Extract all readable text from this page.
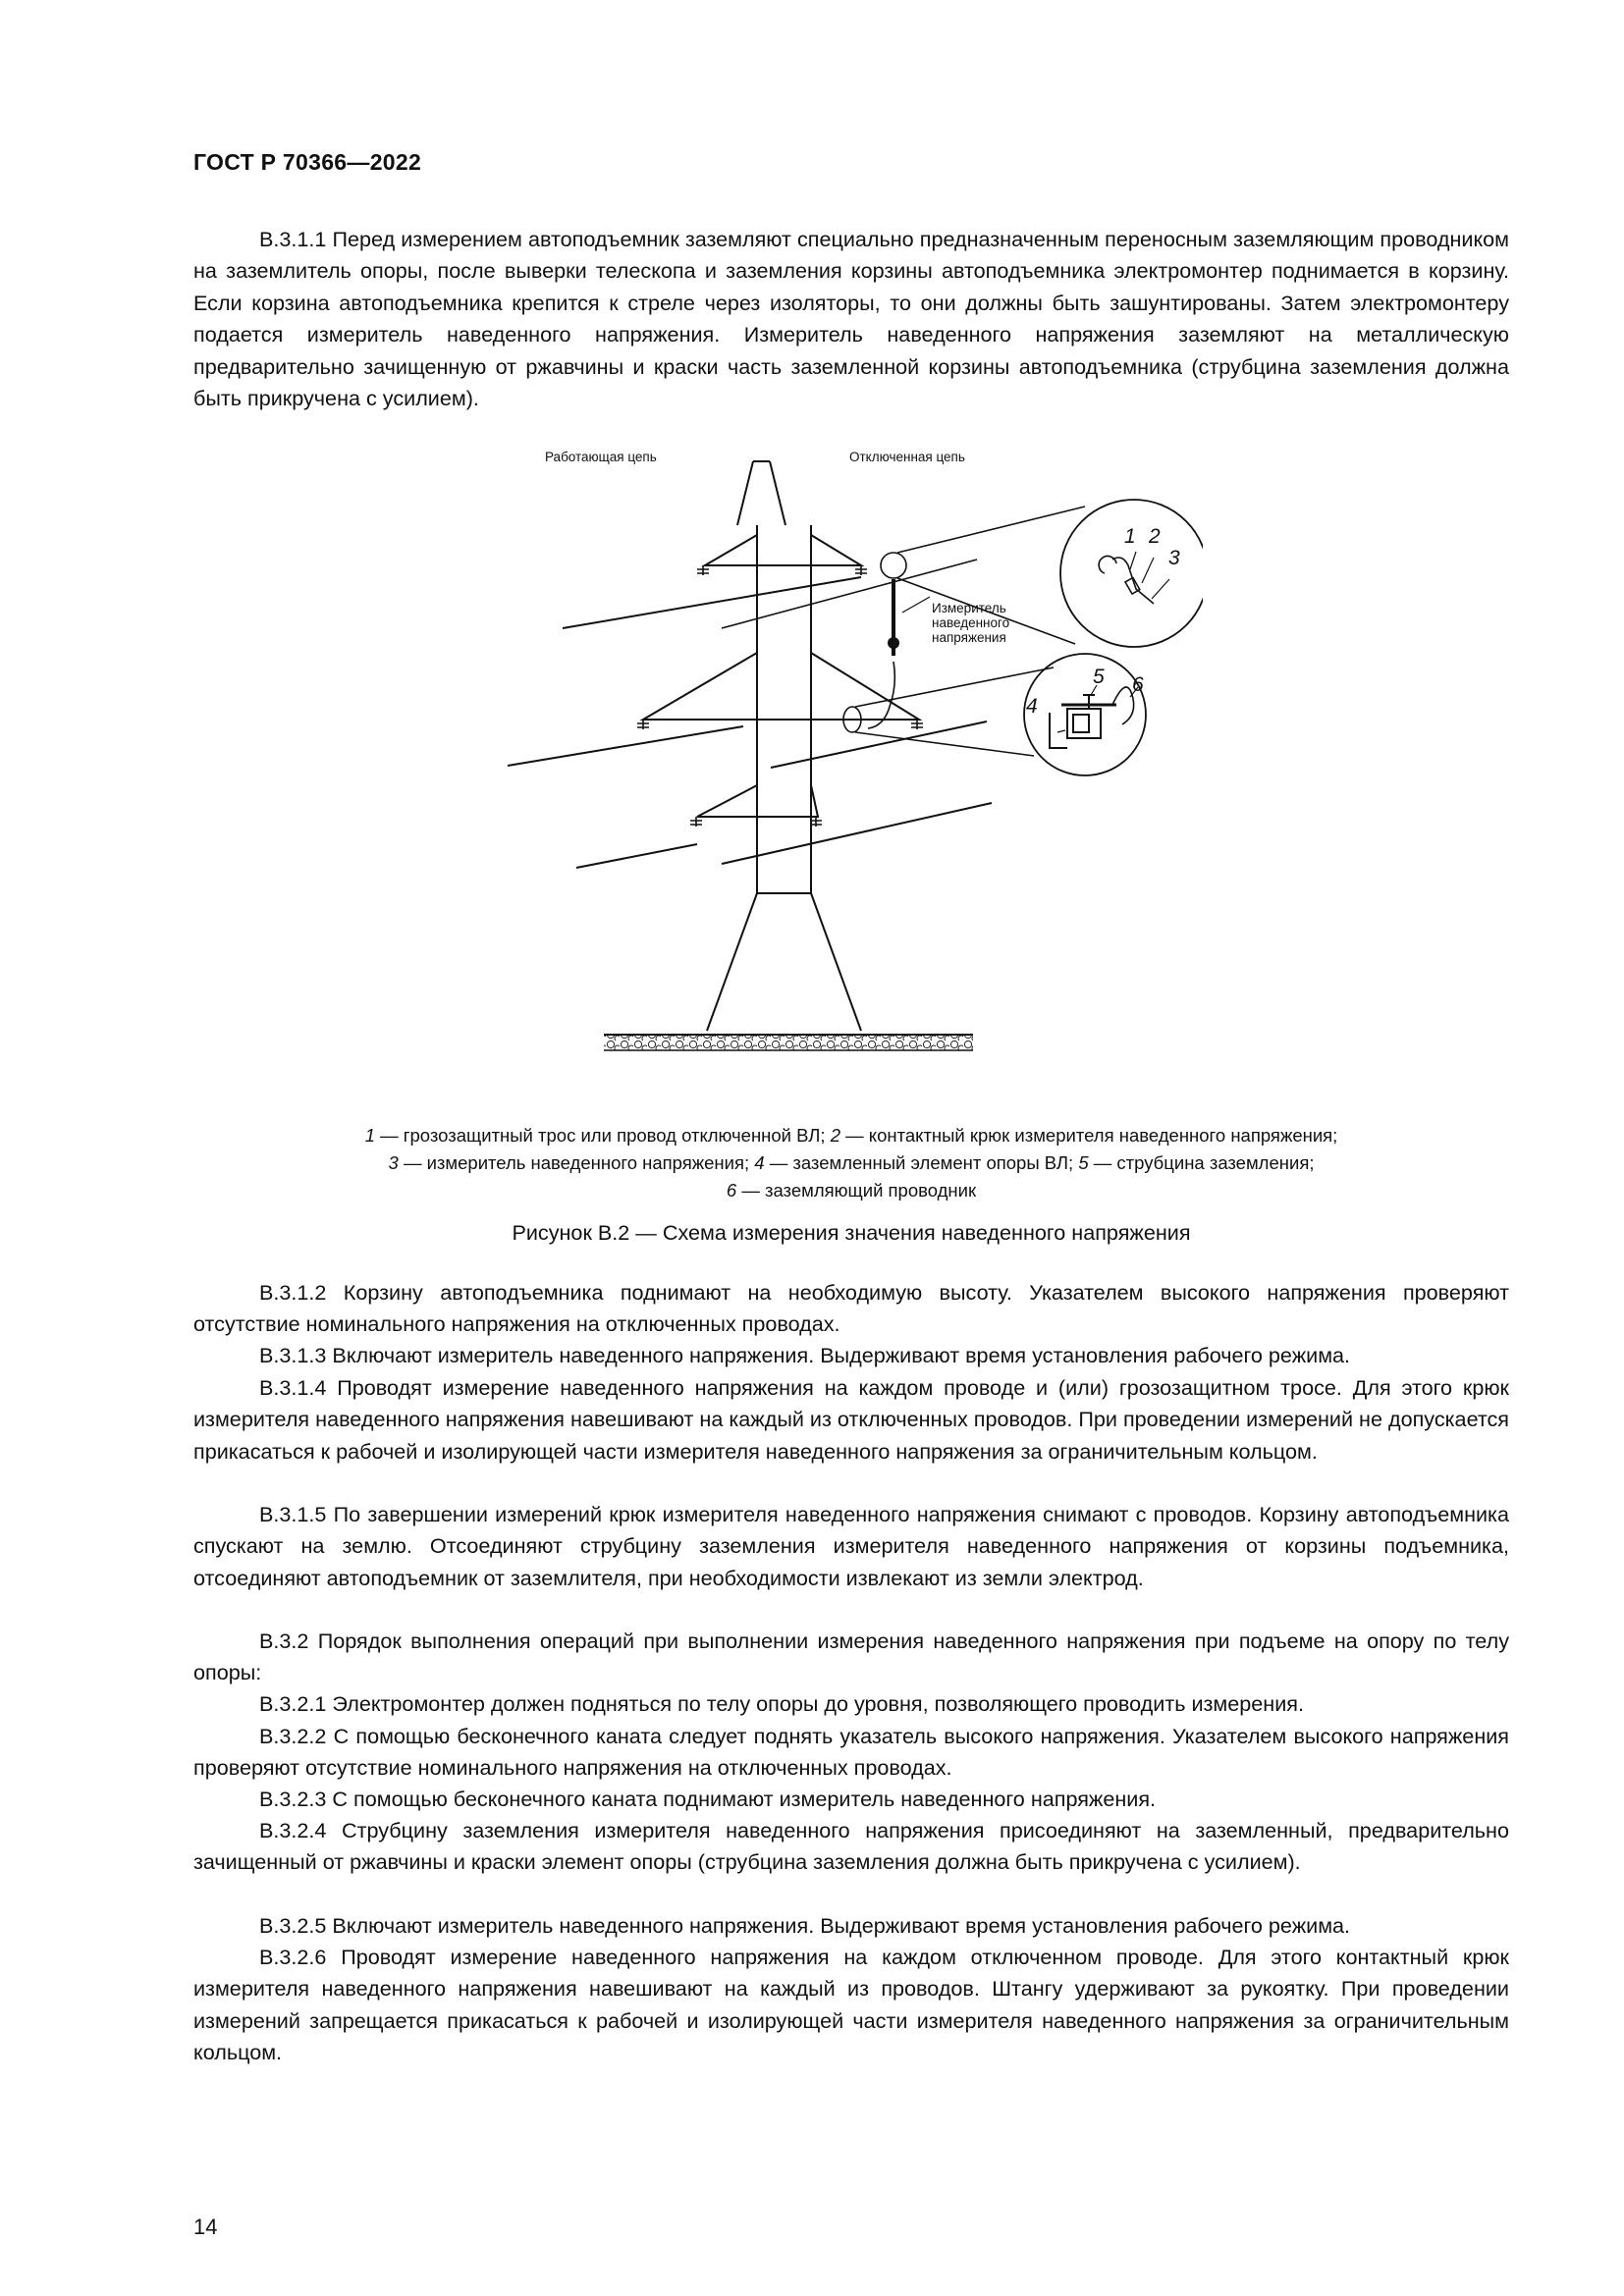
ГОСТ Р 70366—2022

В.3.1.1 Перед измерением автоподъемник заземляют специально предназначенным переносным заземляющим проводником на заземлитель опоры, после выверки телескопа и заземления корзины автоподъемника электромонтер поднимается в корзину. Если корзина автоподъемника крепится к стреле через изоляторы, то они должны быть зашунтированы. Затем электромонтеру подается измеритель наведенного напряжения. Измеритель наведенного напряжения заземляют на металлическую предварительно зачищенную от ржавчины и краски часть заземленной корзины автоподъемника (струбцина заземления должна быть прикручена с усилием).

Работающая цепь	Отключенная цепь
Измеритель
наведенного
напряжения
1 2
3
4
5 6
1 — грозозащитный трос или провод отключенной ВЛ; 2 — контактный крюк измерителя наведенного напряжения;
3 — измеритель наведенного напряжения; 4 — заземленный элемент опоры ВЛ; 5 — струбцина заземления;
6 — заземляющий проводник
Рисунок В.2 — Схема измерения значения наведенного напряжения

В.3.1.2 Корзину автоподъемника поднимают на необходимую высоту. Указателем высокого напряжения проверяют отсутствие номинального напряжения на отключенных проводах.

В.3.1.3 Включают измеритель наведенного напряжения. Выдерживают время установления рабочего режима.

В.3.1.4 Проводят измерение наведенного напряжения на каждом проводе и (или) грозозащитном тросе. Для этого крюк измерителя наведенного напряжения навешивают на каждый из отключенных проводов. При проведении измерений не допускается прикасаться к рабочей и изолирующей части измерителя наведенного напряжения за ограничительным кольцом.

В.3.1.5 По завершении измерений крюк измерителя наведенного напряжения снимают с проводов. Корзину автоподъемника спускают на землю. Отсоединяют струбцину заземления измерителя наведенного напряжения от корзины подъемника, отсоединяют автоподъемник от заземлителя, при необходимости извлекают из земли электрод.

В.3.2 Порядок выполнения операций при выполнении измерения наведенного напряжения при подъеме на опору по телу опоры:

В.3.2.1 Электромонтер должен подняться по телу опоры до уровня, позволяющего проводить измерения.

В.3.2.2 С помощью бесконечного каната следует поднять указатель высокого напряжения. Указателем высокого напряжения проверяют отсутствие номинального напряжения на отключенных проводах.

В.3.2.3 С помощью бесконечного каната поднимают измеритель наведенного напряжения.

В.3.2.4 Струбцину заземления измерителя наведенного напряжения присоединяют на заземленный, предварительно зачищенный от ржавчины и краски элемент опоры (струбцина заземления должна быть прикручена с усилием).

В.3.2.5 Включают измеритель наведенного напряжения. Выдерживают время установления рабочего режима.

В.3.2.6 Проводят измерение наведенного напряжения на каждом отключенном проводе. Для этого контактный крюк измерителя наведенного напряжения навешивают на каждый из проводов. Штангу удерживают за рукоятку. При проведении измерений запрещается прикасаться к рабочей и изолирующей части измерителя наведенного напряжения за ограничительным кольцом.

14
